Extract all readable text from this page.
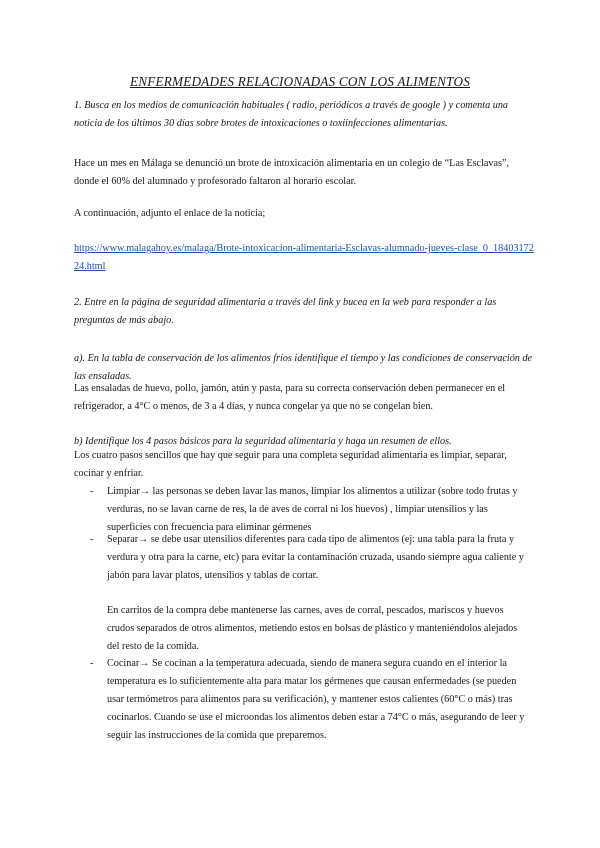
ENFERMEDADES RELACIONADAS CON LOS ALIMENTOS
1. Busca en los medios de comunicación habituales ( radio, periódicos a través de google ) y comenta una noticia de los últimos 30 días sobre brotes de intoxicaciones o toxiinfecciones alimentarias.
Hace un mes en Málaga se denunció un brote de intoxicación alimentaria en un colegio de “Las Esclavas”, donde el 60% del alumnado y profesorado faltaron al horario escolar.
A continuación, adjunto el enlace de la noticia;
https://www.malagahoy.es/malaga/Brote-intoxicacion-alimentaria-Esclavas-alumnado-jueves-clase_0_1840317224.html
2. Entre en la página de seguridad alimentaria a través del link y bucea en la web para responder a las preguntas de más abajo.
a). En la tabla de conservación de los alimentos fríos identifique el tiempo y las condiciones de conservación de las ensaladas.
Las ensaladas de huevo, pollo, jamón, atún y pasta, para su correcta conservación deben permanecer en el refrigerador, a 4°C o menos, de 3 a 4 días, y nunca congelar ya que no se congelan bien.
b) Identifique los 4 pasos básicos para la seguridad alimentaria y haga un resumen de ellos.
Los cuatro pasos sencillos que hay que seguir para una completa seguridad alimentaria es limpiar, separar, cocinar y enfriar.
-	Limpiar→ las personas se deben lavar las manos, limpiar los alimentos a utilizar (sobre todo frutas y verduras, no se lavan carne de res, la de aves de corral ni los huevos) , limpiar utensilios y las superficies con frecuencia para eliminar gérmenes
-	Separar→ se debe usar utensilios diferentes para cada tipo de alimentos (ej: una tabla para la fruta y verdura y otra para la carne, etc) para evitar la contaminación cruzada, usando siempre agua caliente y jabón para lavar platos, utensilios y tablas de cortar.
En carritos de la compra debe mantenerse las carnes, aves de corral, pescados, mariscos y huevos crudos separados de otros alimentos, metiendo estos en bolsas de plástico y manteniéndolos alejados del resto de la comida.
-	Cocinar→ Se cocinan a la temperatura adecuada, siendo de manera segura cuando en el interior la temperatura es lo suficientemente alta para matar los gérmenes que causan enfermedades (se pueden usar termómetros para alimentos para su verificación), y mantener estos calientes (60°C o más) tras cocinarlos. Cuando se use el microondas los alimentos deben estar a 74°C o más, asegurando de leer y seguir las instrucciones de la comida que preparemos.
